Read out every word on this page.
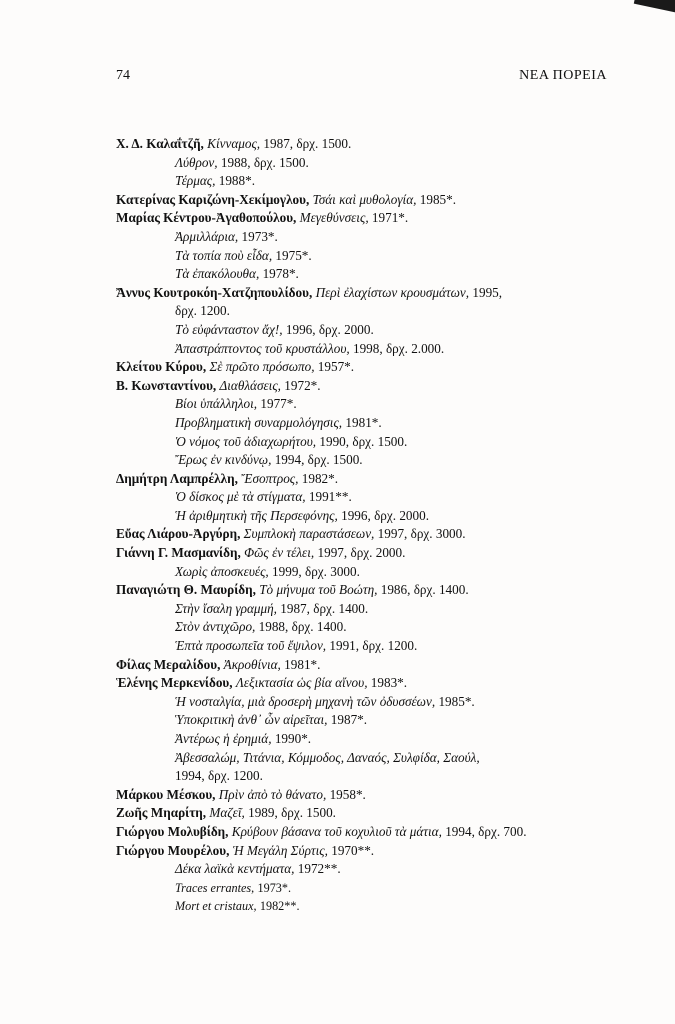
74	ΝΕΑ ΠΟΡΕΙΑ
Χ. Δ. Καλαΐτζῆ, Κίνναμος, 1987, δρχ. 1500.
Λύθρον, 1988, δρχ. 1500.
Τέρμας, 1988*.
Κατερίνας Καριζώνη-Χεκίμογλου, Τσάι καὶ μυθολογία, 1985*.
Μαρίας Κέντρου-Ἀγαθοπούλου, Μεγεθύνσεις, 1971*.
Ἀρμιλλάρια, 1973*.
Τὰ τοπία ποὺ εἶδα, 1975*.
Τὰ ἐπακόλουθα, 1978*.
Ἄννυς Κουτροκόη-Χατζηπουλίδου, Περὶ ἐλαχίστων κρουσμάτων, 1995,
δρχ. 1200.
Τὸ εὐφάνταστον ἄχ!, 1996, δρχ. 2000.
Ἀπαστράπτοντος τοῦ κρυστάλλου, 1998, δρχ. 2.000.
Κλείτου Κύρου, Σὲ πρῶτο πρόσωπο, 1957*.
Β. Κωνσταντίνου, Διαθλάσεις, 1972*.
Βίοι ὑπάλληλοι, 1977*.
Προβληματικὴ συναρμολόγησις, 1981*.
Ὁ νόμος τοῦ ἀδιαχωρήτου, 1990, δρχ. 1500.
Ἔρως ἐν κινδύνῳ, 1994, δρχ. 1500.
Δημήτρη Λαμπρέλλη, Ἔσοπτρος, 1982*.
Ὁ δίσκος μὲ τὰ στίγματα, 1991**.
Ἡ ἀριθμητικὴ τῆς Περσεφόνης, 1996, δρχ. 2000.
Εὔας Λιάρου-Ἀργύρη, Συμπλοκὴ παραστάσεων, 1997, δρχ. 3000.
Γιάννη Γ. Μασμανίδη, Φῶς ἐν τέλει, 1997, δρχ. 2000.
Χωρὶς ἀποσκευές, 1999, δρχ. 3000.
Παναγιώτη Θ. Μαυρίδη, Τὸ μήνυμα τοῦ Βοώτη, 1986, δρχ. 1400.
Στὴν ἴσαλη γραμμή, 1987, δρχ. 1400.
Στὸν ἀντιχῶρο, 1988, δρχ. 1400.
Ἑπτὰ προσωπεῖα τοῦ ἔψιλον, 1991, δρχ. 1200.
Φίλας Μεραλίδου, Ἀκροθίνια, 1981*.
Ἑλένης Μερκενίδου, Λεξικτασία ὡς βία αἴνου, 1983*.
Ἡ νοσταλγία, μιὰ δροσερὴ μηχανὴ τῶν ὀδυσσέων, 1985*.
Ὑποκριτικὴ ἀνθ᾽ ὧν αἱρεῖται, 1987*.
Ἀντέρως ἡ ἐρημιά, 1990*.
Ἀβεσσαλώμ, Τιτάνια, Κόμμοδος, Δαναός, Συλφίδα, Σαούλ,
1994, δρχ. 1200.
Μάρκου Μέσκου, Πρὶν ἀπὸ τὸ θάνατο, 1958*.
Ζωῆς Μηαρίτη, Μαζεῖ, 1989, δρχ. 1500.
Γιώργου Μολυβίδη, Κρύβουν βάσανα τοῦ κοχυλιοῦ τὰ μάτια, 1994, δρχ. 700.
Γιώργου Μουρέλου, Ἡ Μεγάλη Σύρτις, 1970**.
Δέκα λαϊκὰ κεντήματα, 1972**.
Traces errantes, 1973*.
Mort et cristaux, 1982**.
